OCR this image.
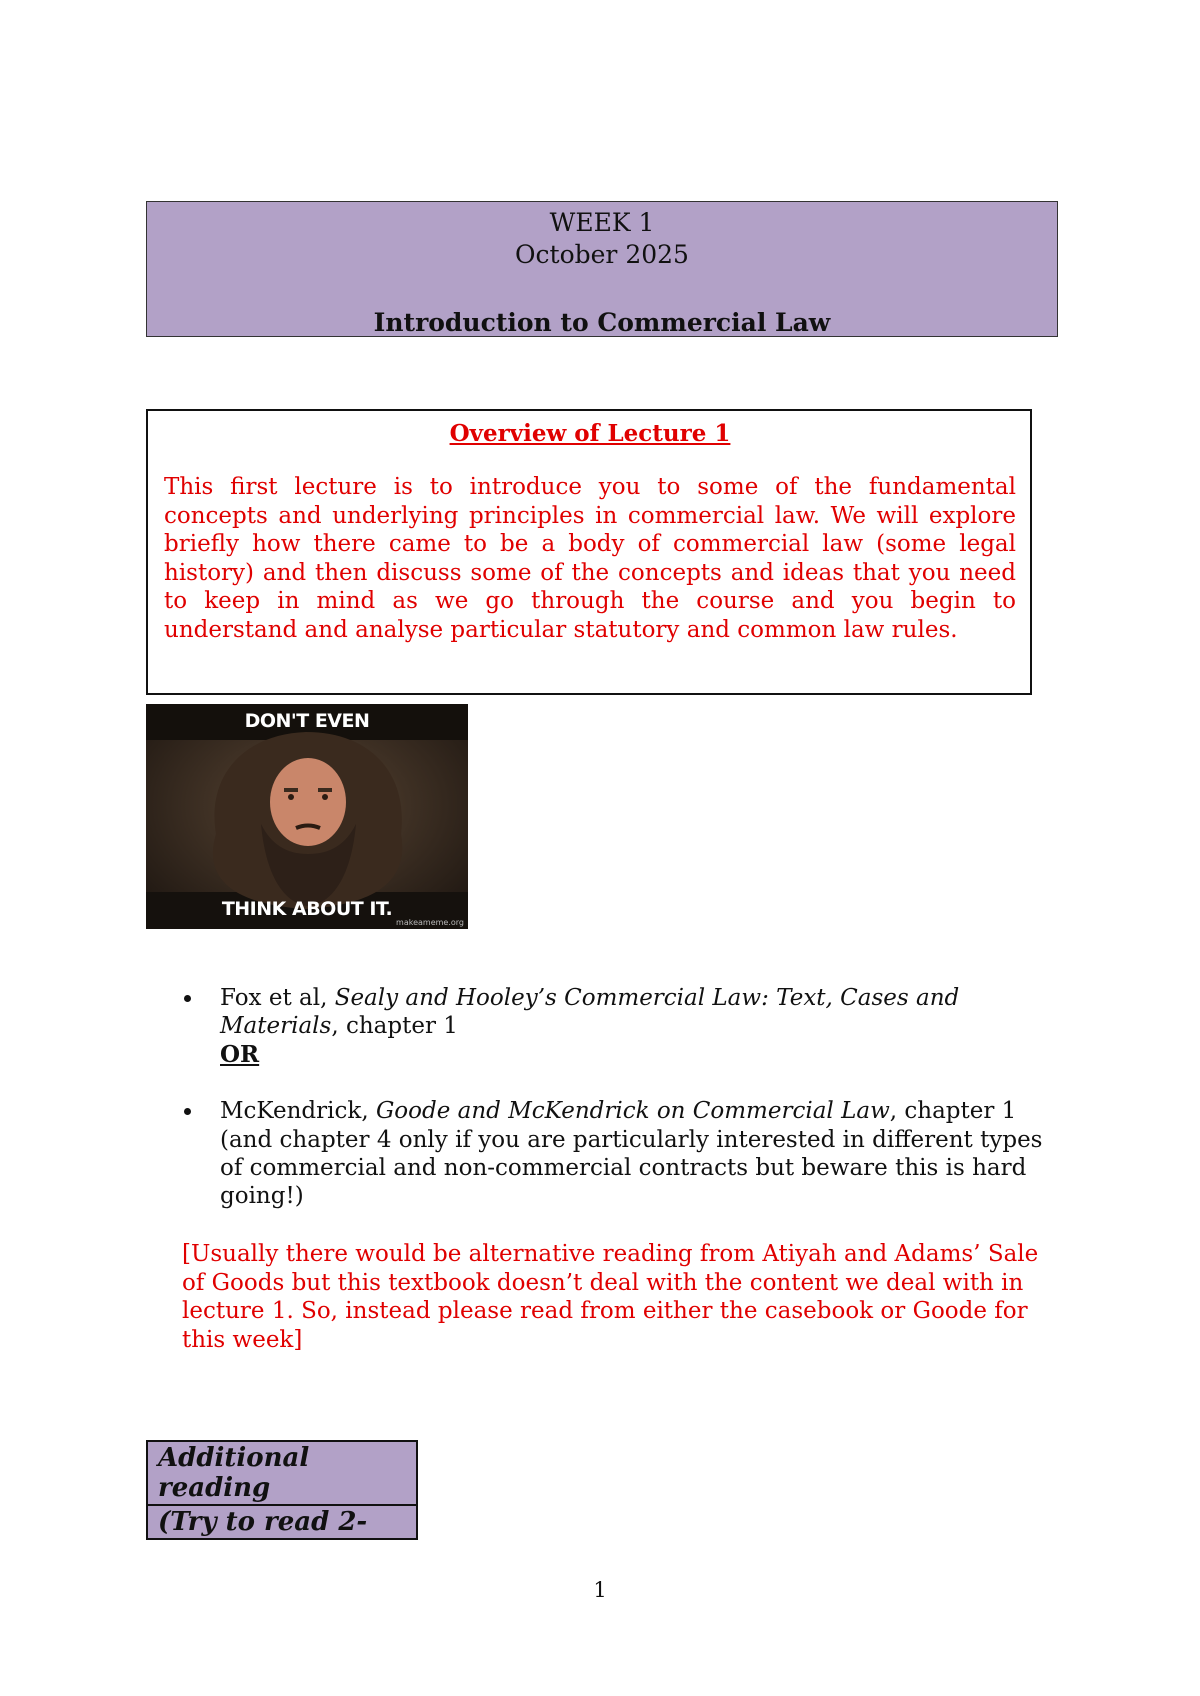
WEEK 1
October 2025
Introduction to Commercial Law
Overview of Lecture 1
This first lecture is to introduce you to some of the fundamental concepts and underlying principles in commercial law. We will explore briefly how there came to be a body of commercial law (some legal history) and then discuss some of the concepts and ideas that you need to keep in mind as we go through the course and you begin to understand and analyse particular statutory and common law rules.
DON'T EVEN
THINK ABOUT IT.
makeameme.org
Fox et al, Sealy and Hooley’s Commercial Law: Text, Cases and Materials, chapter 1
OR
McKendrick, Goode and McKendrick on Commercial Law, chapter 1 (and chapter 4 only if you are particularly interested in different types of commercial and non-commercial contracts but beware this is hard going!)
[Usually there would be alternative reading from Atiyah and Adams’ Sale of Goods but this textbook doesn’t deal with the content we deal with in lecture 1. So, instead please read from either the casebook or Goode for this week]
Additional reading
(Try to read 2-
1
